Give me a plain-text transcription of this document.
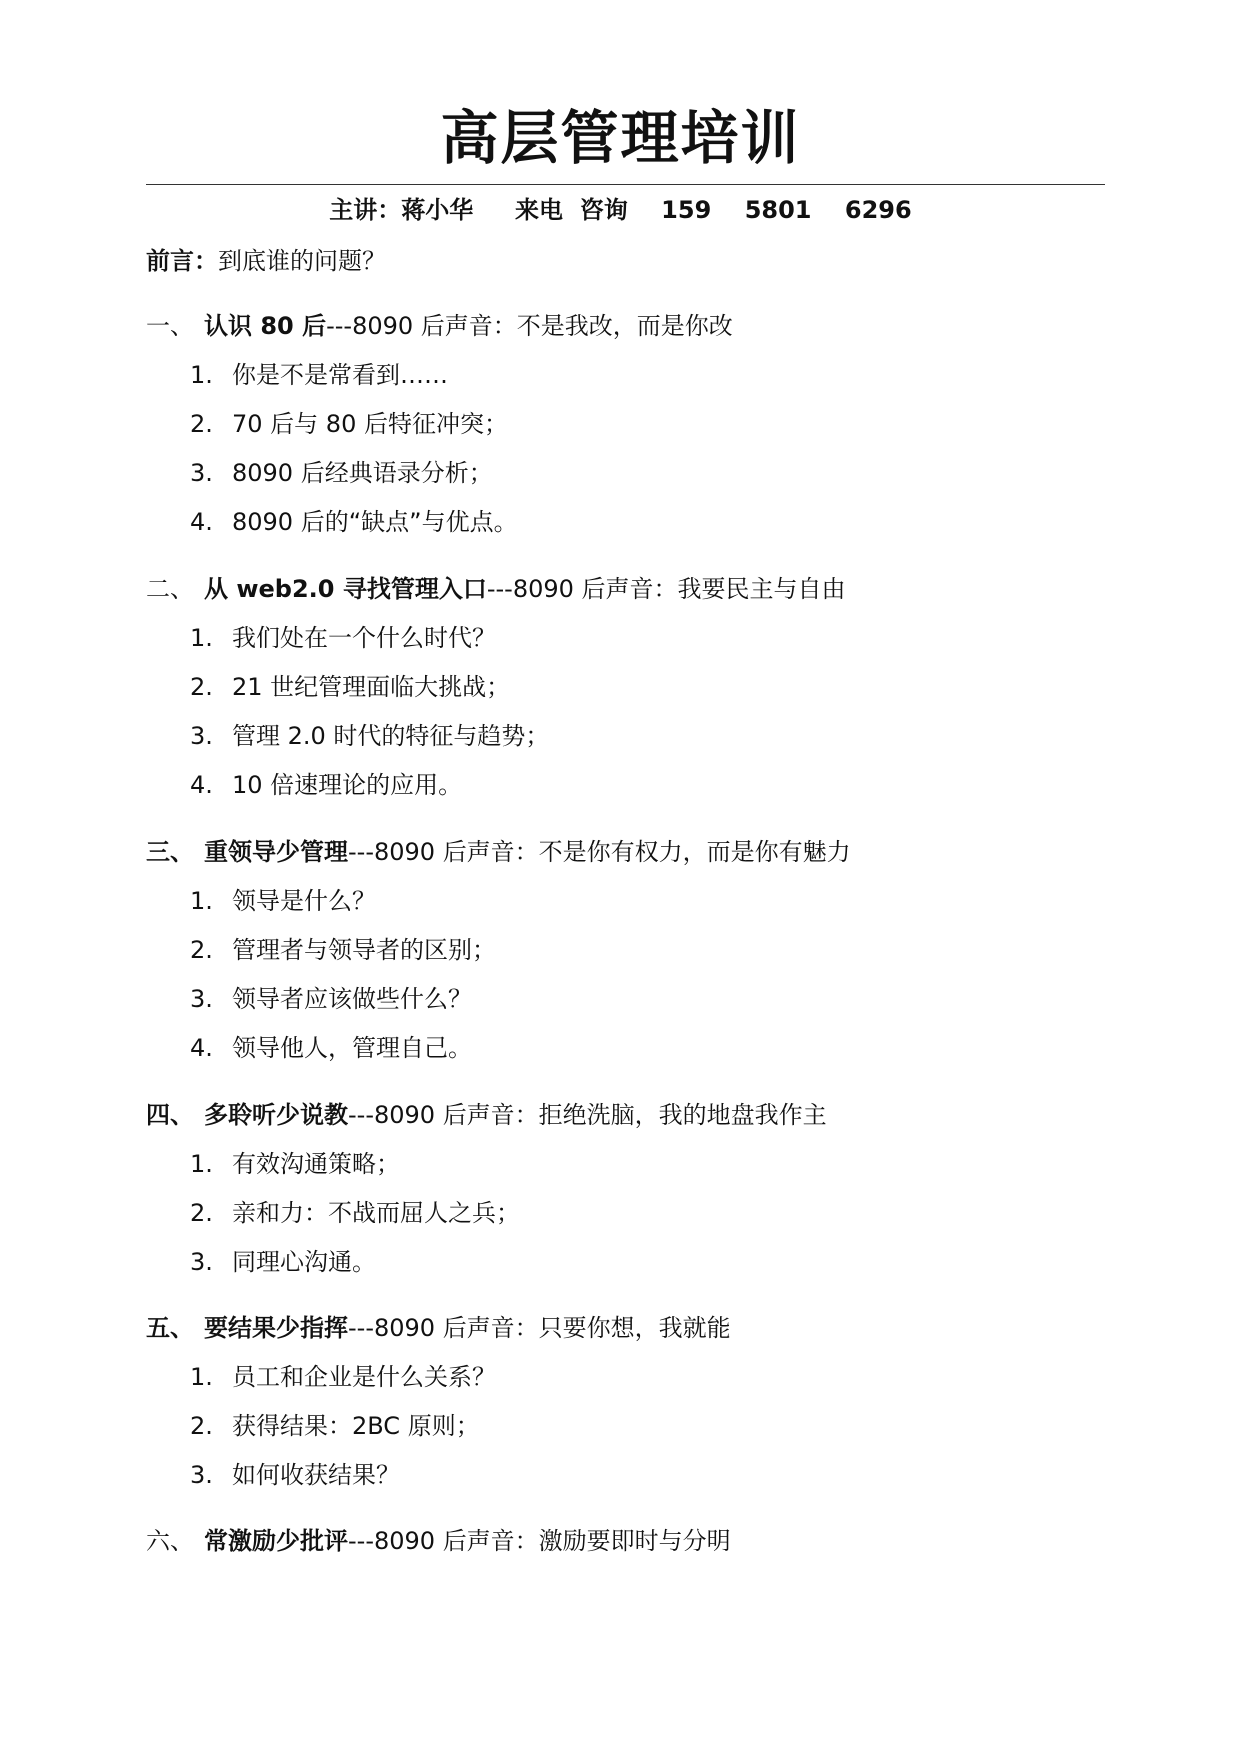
高层管理培训
主讲：蒋小华     来电  咨询    159    5801    6296
前言：到底谁的问题？
一、 认识 80 后---8090 后声音：不是我改，而是你改
1. 你是不是常看到……
2. 70 后与 80 后特征冲突；
3. 8090 后经典语录分析；
4. 8090 后的“缺点”与优点。
二、 从 web2.0 寻找管理入口---8090 后声音：我要民主与自由
1. 我们处在一个什么时代？
2. 21 世纪管理面临大挑战；
3. 管理 2.0 时代的特征与趋势；
4. 10 倍速理论的应用。
三、 重领导少管理---8090 后声音：不是你有权力，而是你有魅力
1. 领导是什么？
2. 管理者与领导者的区别；
3. 领导者应该做些什么？
4. 领导他人，管理自己。
四、 多聆听少说教---8090 后声音：拒绝洗脑，我的地盘我作主
1. 有效沟通策略；
2. 亲和力：不战而屈人之兵；
3. 同理心沟通。
五、 要结果少指挥---8090 后声音：只要你想，我就能
1. 员工和企业是什么关系？
2. 获得结果：2BC 原则；
3. 如何收获结果？
六、 常激励少批评---8090 后声音：激励要即时与分明
